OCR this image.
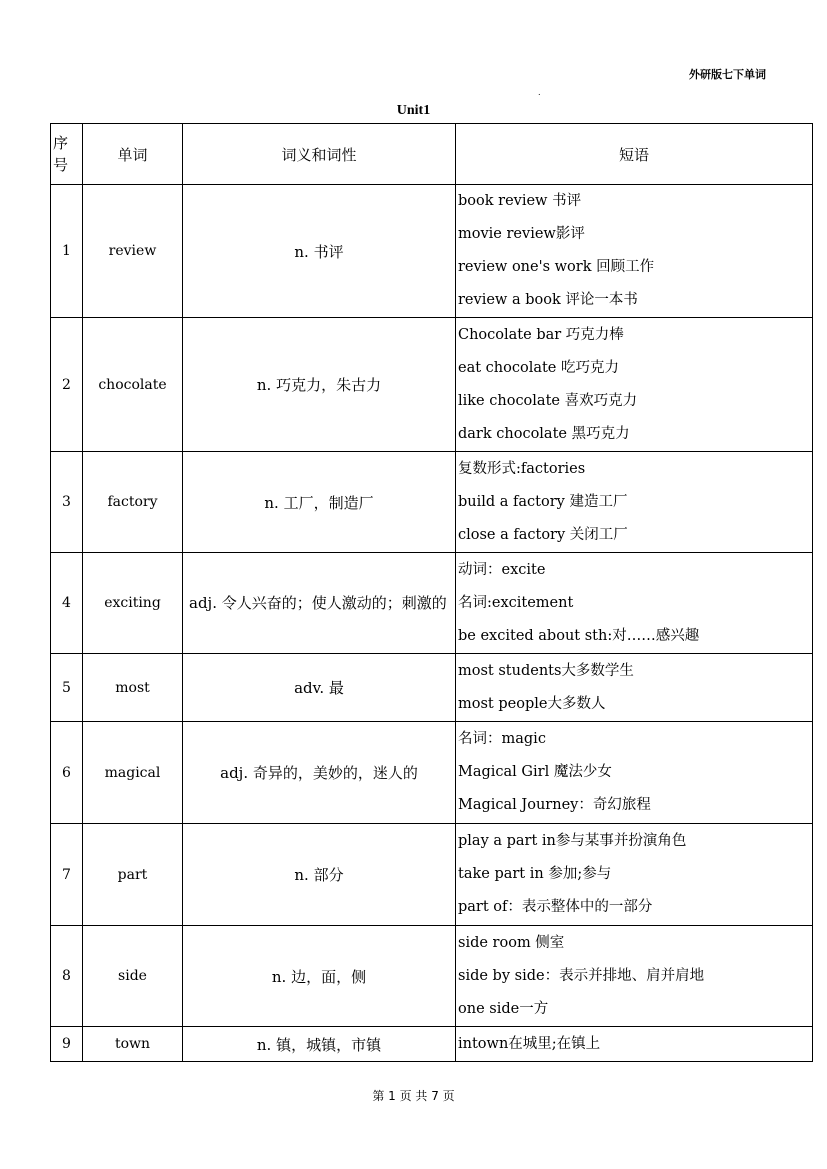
外研版七下单词
.
Unit1
序号	单词	词义和词性	短语
1	review	n. 书评	book review 书评
movie review影评
review one's work 回顾工作
review a book 评论一本书

2	chocolate	n. 巧克力，朱古力	Chocolate bar 巧克力棒
eat chocolate 吃巧克力
like chocolate 喜欢巧克力
dark chocolate 黑巧克力

3	factory	n. 工厂，制造厂	复数形式:factories
build a factory 建造工厂
close a factory 关闭工厂

4	exciting	adj. 令人兴奋的；使人激动的；刺激的	动词：excite
名词:excitement
be excited about sth:对……感兴趣

5	most	adv. 最	most students大多数学生
most people大多数人

6	magical	adj. 奇异的，美妙的，迷人的	名词：magic
Magical Girl 魔法少女
Magical Journey：奇幻旅程

7	part	n. 部分	play a part in参与某事并扮演角色
take part in 参加;参与
part of：表示整体中的一部分

8	side	n. 边，面，侧	side room 侧室
side by side：表示并排地、肩并肩地
one side一方

9	town	n. 镇，城镇，市镇	intown在城里;在镇上
第 1 页 共 7 页
